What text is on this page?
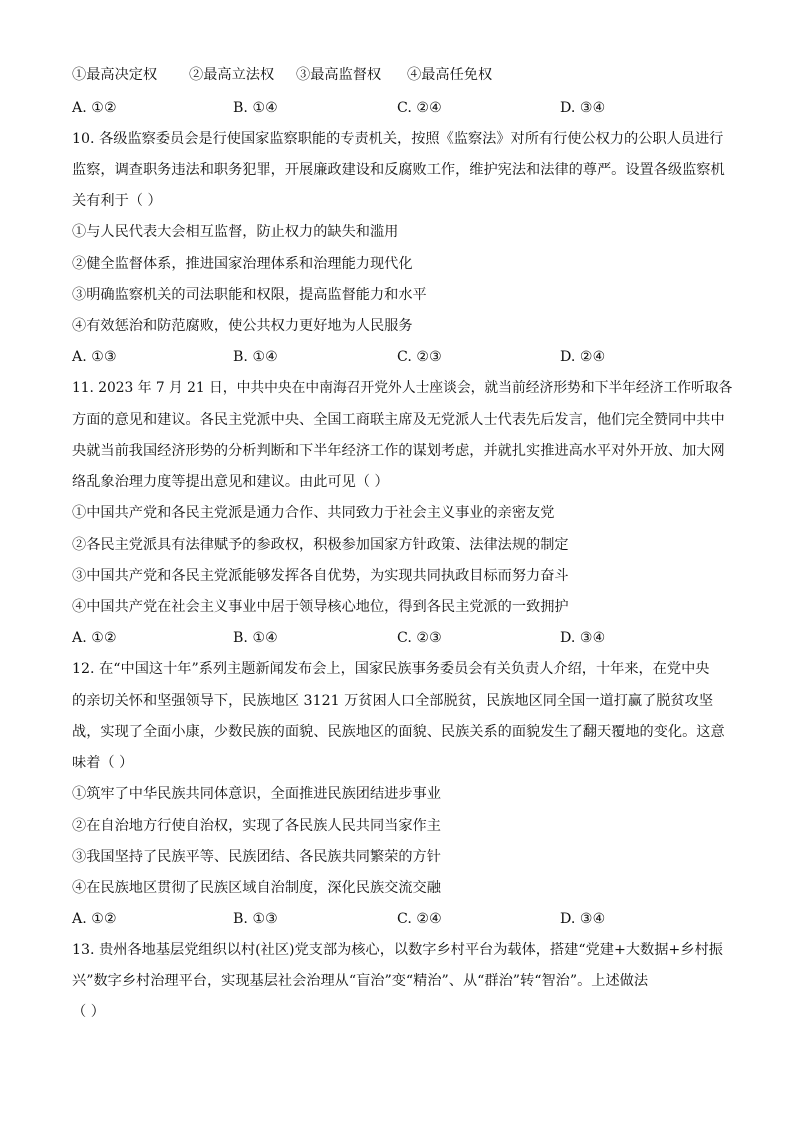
①最高决定权 ②最高立法权 ③最高监督权 ④最高任免权
A. ①②	B. ①④	C. ②④	D. ③④
10. 各级监察委员会是行使国家监察职能的专责机关，按照《监察法》对所有行使公权力的公职人员进行
监察，调查职务违法和职务犯罪，开展廉政建设和反腐败工作，维护宪法和法律的尊严。设置各级监察机
关有利于（ ）
①与人民代表大会相互监督，防止权力的缺失和滥用
②健全监督体系，推进国家治理体系和治理能力现代化
③明确监察机关的司法职能和权限，提高监督能力和水平
④有效惩治和防范腐败，使公共权力更好地为人民服务
A. ①③	B. ①④	C. ②③	D. ②④
11. 2023 年 7 月 21 日，中共中央在中南海召开党外人士座谈会，就当前经济形势和下半年经济工作听取各
方面的意见和建议。各民主党派中央、全国工商联主席及无党派人士代表先后发言，他们完全赞同中共中
央就当前我国经济形势的分析判断和下半年经济工作的谋划考虑，并就扎实推进高水平对外开放、加大网
络乱象治理力度等提出意见和建议。由此可见（ ）
①中国共产党和各民主党派是通力合作、共同致力于社会主义事业的亲密友党
②各民主党派具有法律赋予的参政权，积极参加国家方针政策、法律法规的制定
③中国共产党和各民主党派能够发挥各自优势，为实现共同执政目标而努力奋斗
④中国共产党在社会主义事业中居于领导核心地位，得到各民主党派的一致拥护
A. ①②	B. ①④	C. ②③	D. ③④
12. 在“中国这十年”系列主题新闻发布会上，国家民族事务委员会有关负责人介绍，十年来，在党中央
的亲切关怀和坚强领导下，民族地区 3121 万贫困人口全部脱贫，民族地区同全国一道打赢了脱贫攻坚
战，实现了全面小康，少数民族的面貌、民族地区的面貌、民族关系的面貌发生了翻天覆地的变化。这意
味着（ ）
①筑牢了中华民族共同体意识，全面推进民族团结进步事业
②在自治地方行使自治权，实现了各民族人民共同当家作主
③我国坚持了民族平等、民族团结、各民族共同繁荣的方针
④在民族地区贯彻了民族区域自治制度，深化民族交流交融
A. ①②	B. ①③	C. ②④	D. ③④
13. 贵州各地基层党组织以村(社区)党支部为核心，以数字乡村平台为载体，搭建“党建+大数据+乡村振
兴”数字乡村治理平台，实现基层社会治理从“盲治”变“精治”、从“群治”转“智治”。上述做法
（ ）
